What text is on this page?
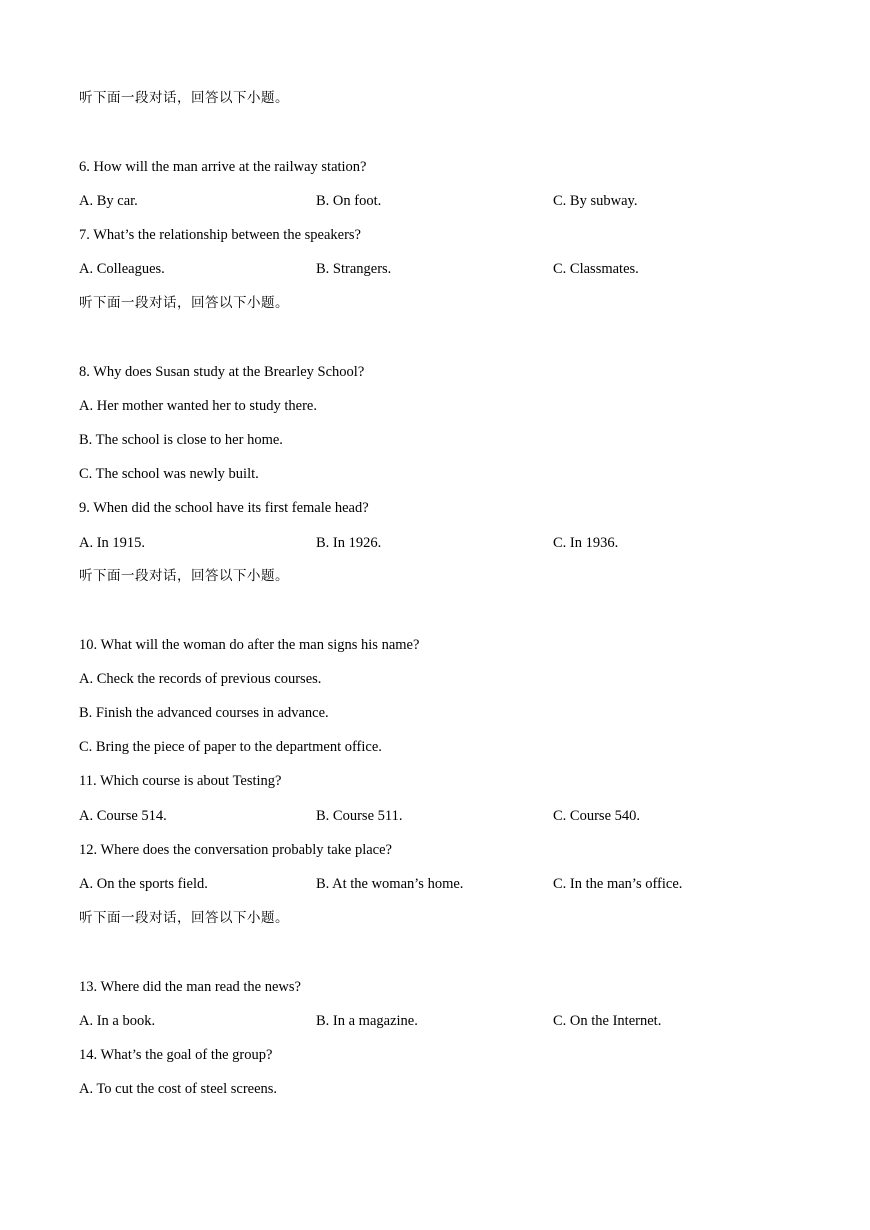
听下面一段对话，回答以下小题。
6. How will the man arrive at the railway station?
A. By car.	B. On foot.	C. By subway.
7. What’s the relationship between the speakers?
A. Colleagues.	B. Strangers.	C. Classmates.
听下面一段对话，回答以下小题。
8. Why does Susan study at the Brearley School?
A. Her mother wanted her to study there.
B. The school is close to her home.
C. The school was newly built.
9. When did the school have its first female head?
A. In 1915.	B. In 1926.	C. In 1936.
听下面一段对话，回答以下小题。
10. What will the woman do after the man signs his name?
A. Check the records of previous courses.
B. Finish the advanced courses in advance.
C. Bring the piece of paper to the department office.
11. Which course is about Testing?
A. Course 514.	B. Course 511.	C. Course 540.
12. Where does the conversation probably take place?
A. On the sports field.	B. At the woman’s home.	C. In the man’s office.
听下面一段对话，回答以下小题。
13. Where did the man read the news?
A. In a book.	B. In a magazine.	C. On the Internet.
14. What’s the goal of the group?
A. To cut the cost of steel screens.
